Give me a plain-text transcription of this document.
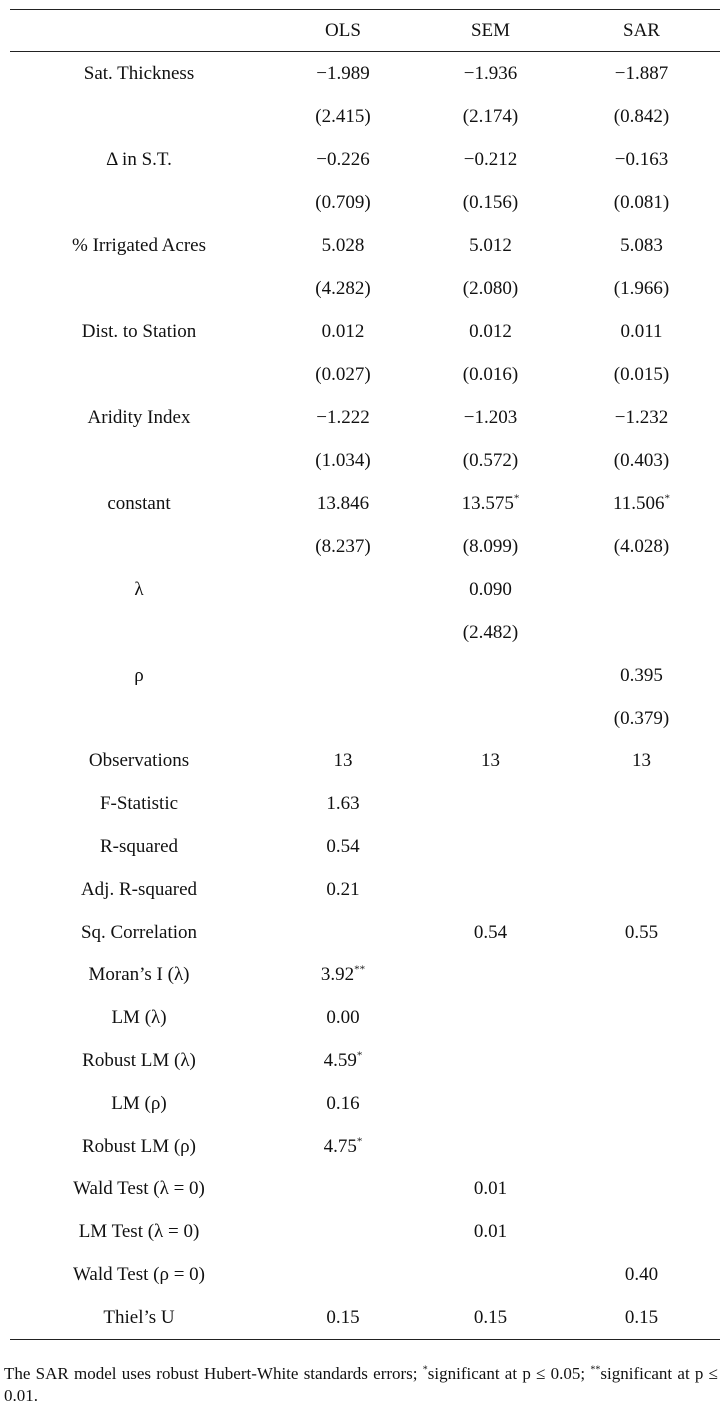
	OLS	SEM	SAR
Sat. Thickness	−1.989	−1.936	−1.887
	(2.415)	(2.174)	(0.842)
Δ in S.T.	−0.226	−0.212	−0.163
	(0.709)	(0.156)	(0.081)
% Irrigated Acres	5.028	5.012	5.083
	(4.282)	(2.080)	(1.966)
Dist. to Station	0.012	0.012	0.011
	(0.027)	(0.016)	(0.015)
Aridity Index	−1.222	−1.203	−1.232
	(1.034)	(0.572)	(0.403)
constant	13.846	13.575*	11.506*
	(8.237)	(8.099)	(4.028)
λ		0.090	
		(2.482)	
ρ			0.395
			(0.379)
Observations	13	13	13
F-Statistic	1.63		
R-squared	0.54		
Adj. R-squared	0.21		
Sq. Correlation		0.54	0.55
Moran’s I (λ)	3.92**		
LM (λ)	0.00		
Robust LM (λ)	4.59*		
LM (ρ)	0.16		
Robust LM (ρ)	4.75*		
Wald Test (λ = 0)		0.01	
LM Test (λ = 0)		0.01	
Wald Test (ρ = 0)			0.40
Thiel’s U	0.15	0.15	0.15
The SAR model uses robust Hubert-White standards errors; *significant at p ≤ 0.05; **significant at p ≤ 0.01.
